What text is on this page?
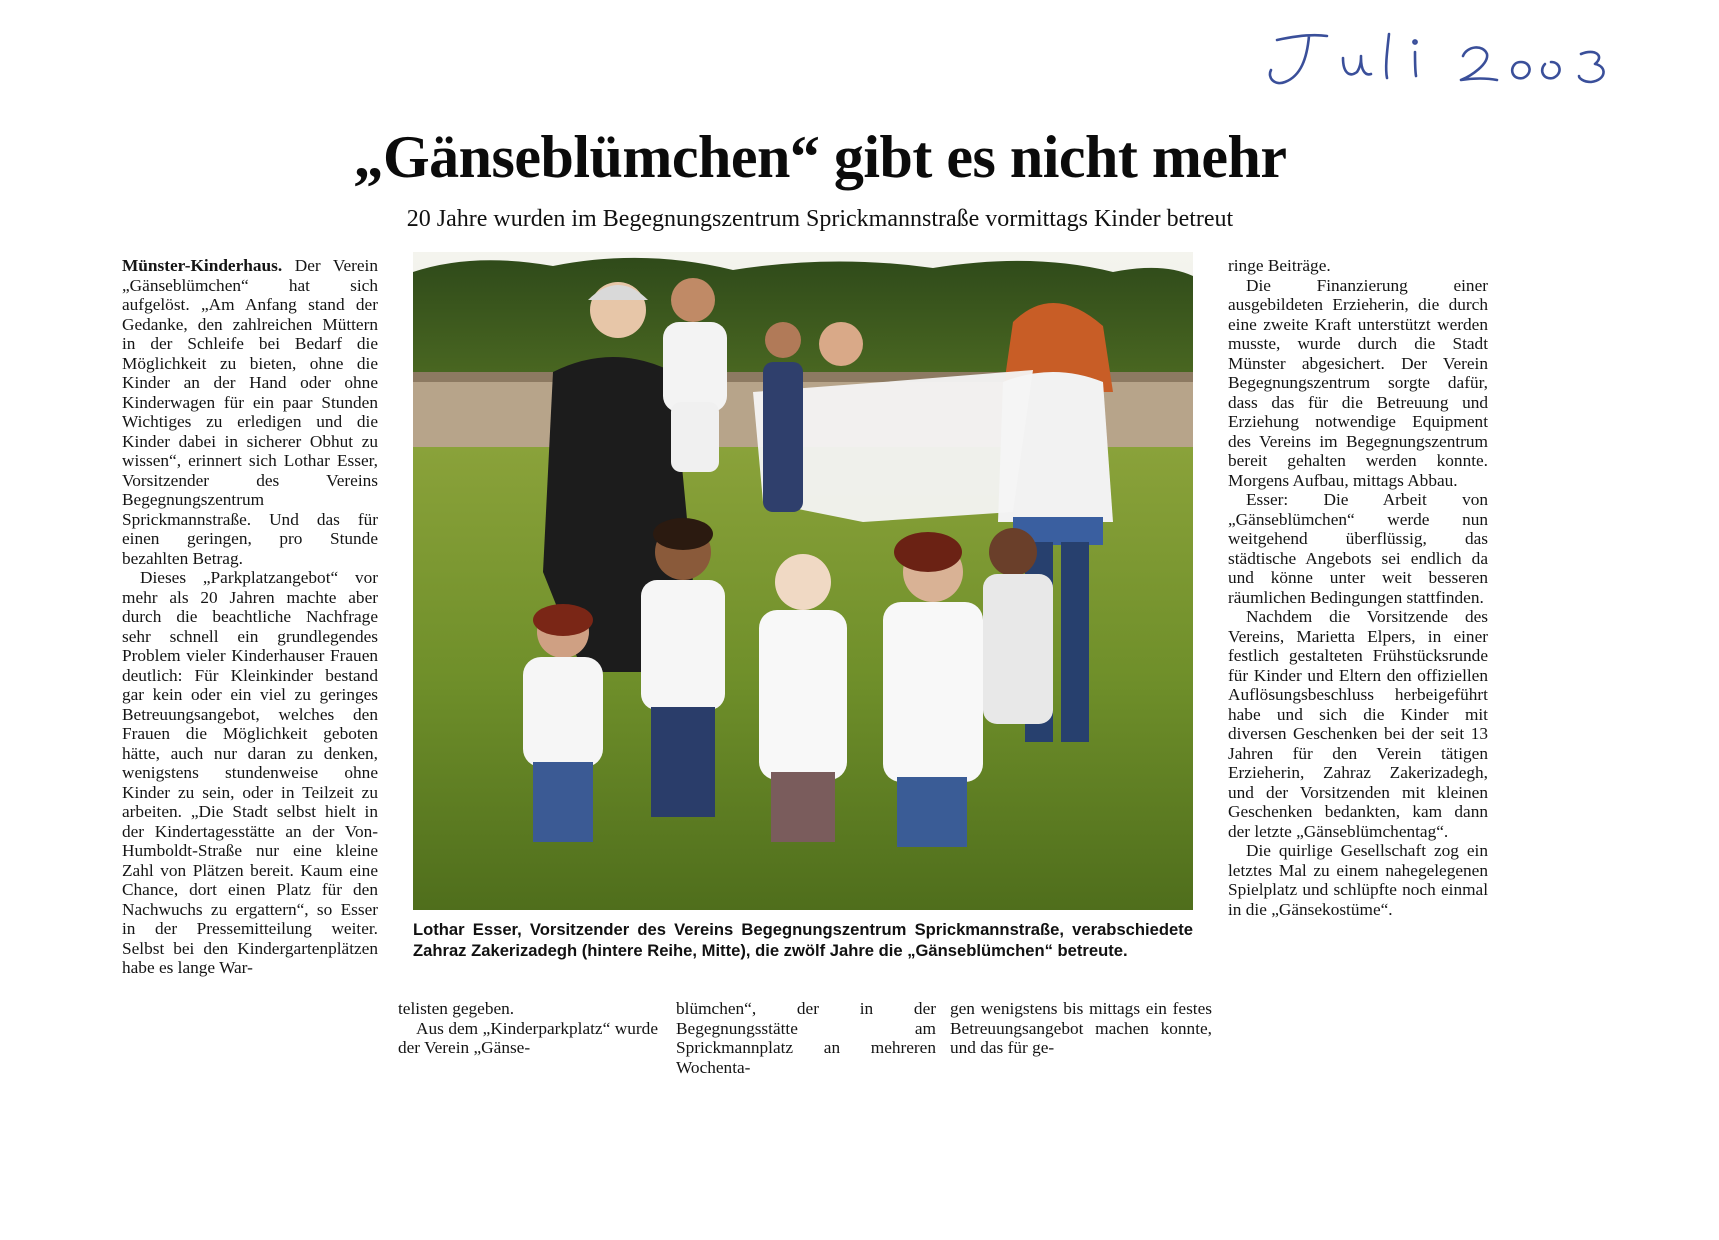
„Gänseblümchen“ gibt es nicht mehr
20 Jahre wurden im Begegnungszentrum Sprickmannstraße vormittags Kinder betreut

Münster-Kinderhaus. Der Verein „Gänseblümchen“ hat sich aufgelöst. „Am Anfang stand der Gedanke, den zahlreichen Müttern in der Schleife bei Bedarf die Möglichkeit zu bieten, ohne die Kinder an der Hand oder ohne Kinderwagen für ein paar Stunden Wichtiges zu erledigen und die Kinder dabei in sicherer Obhut zu wissen“, erinnert sich Lothar Esser, Vorsitzender des Vereins Begegnungszentrum Sprickmannstraße. Und das für einen geringen, pro Stunde bezahlten Betrag.

Dieses „Parkplatzangebot“ vor mehr als 20 Jahren machte aber durch die beachtliche Nachfrage sehr schnell ein grundlegendes Problem vieler Kinderhauser Frauen deutlich: Für Kleinkinder bestand gar kein oder ein viel zu geringes Betreuungsangebot, welches den Frauen die Möglichkeit geboten hätte, auch nur daran zu denken, wenigstens stundenweise ohne Kinder zu sein, oder in Teilzeit zu arbeiten. „Die Stadt selbst hielt in der Kindertagesstätte an der Von-Humboldt-Straße nur eine kleine Zahl von Plätzen bereit. Kaum eine Chance, dort einen Platz für den Nachwuchs zu ergattern“, so Esser in der Pressemitteilung weiter. Selbst bei den Kindergartenplätzen habe es lange War-

Lothar Esser, Vorsitzender des Vereins Begegnungszentrum Sprickmannstraße, verabschiedete Zahraz Zakerizadegh (hintere Reihe, Mitte), die zwölf Jahre die „Gänseblümchen“ betreute.

telisten gegeben.

Aus dem „Kinderparkplatz“ wurde der Verein „Gänse-

blümchen“, der in der Begegnungsstätte am Sprickmannplatz an mehreren Wochenta-

gen wenigstens bis mittags ein festes Betreuungsangebot machen konnte, und das für ge-

ringe Beiträge.

Die Finanzierung einer ausgebildeten Erzieherin, die durch eine zweite Kraft unterstützt werden musste, wurde durch die Stadt Münster abgesichert. Der Verein Begegnungszentrum sorgte dafür, dass das für die Betreuung und Erziehung notwendige Equipment des Vereins im Begegnungszentrum bereit gehalten werden konnte. Morgens Aufbau, mittags Abbau.

Esser: Die Arbeit von „Gänseblümchen“ werde nun weitgehend überflüssig, das städtische Angebots sei endlich da und könne unter weit besseren räumlichen Bedingungen stattfinden.

Nachdem die Vorsitzende des Vereins, Marietta Elpers, in einer festlich gestalteten Frühstücksrunde für Kinder und Eltern den offiziellen Auflösungsbeschluss herbeigeführt habe und sich die Kinder mit diversen Geschenken bei der seit 13 Jahren für den Verein tätigen Erzieherin, Zahraz Zakerizadegh, und der Vorsitzenden mit kleinen Geschenken bedankten, kam dann der letzte „Gänseblümchentag“.

Die quirlige Gesellschaft zog ein letztes Mal zu einem nahegelegenen Spielplatz und schlüpfte noch einmal in die „Gänsekostüme“.
